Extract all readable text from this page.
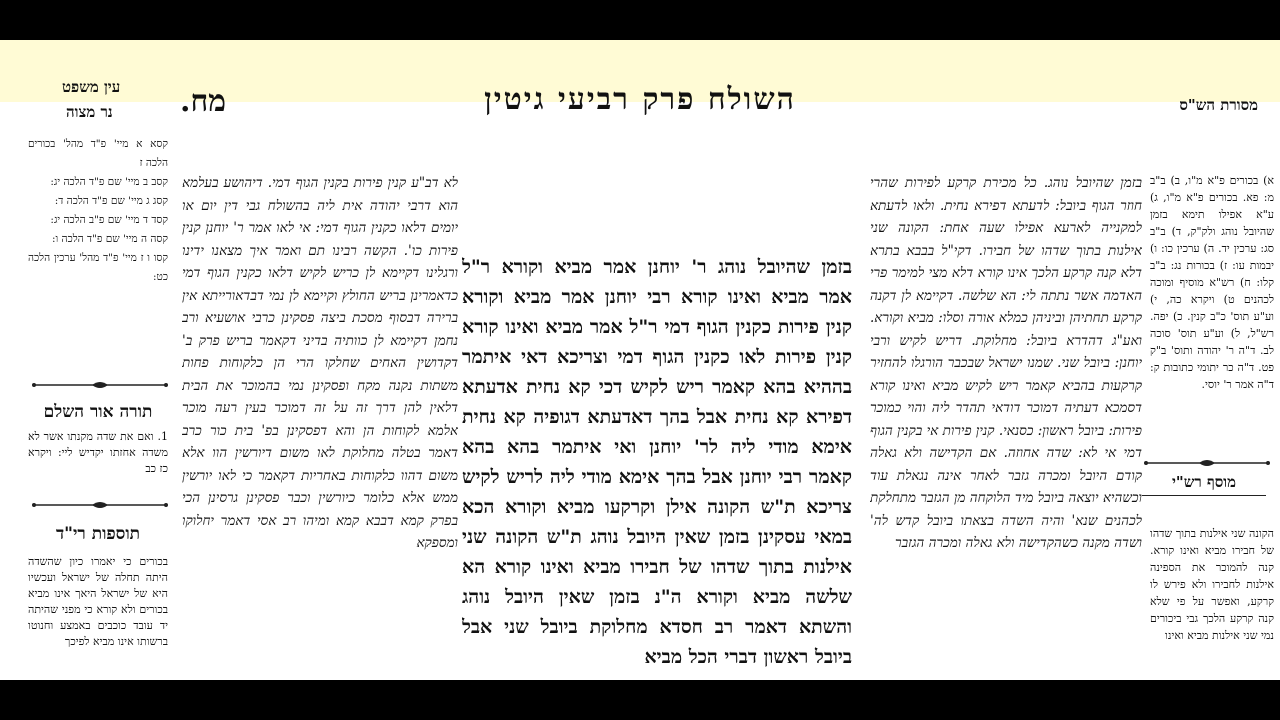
השולח פרק רביעי גיטין
מח.	מסורת הש"ס
עין משפט
נר מצוה
בזמן שהיובל נוהג ר' יוחנן אמר מביא וקורא ר"ל אמר מביא ואינו קורא רבי יוחנן אמר מביא וקורא קנין פירות כקנין הגוף דמי ר"ל אמר מביא ואינו קורא קנין פירות לאו כקנין הגוף דמי וצריכא דאי איתמר בההיא בהא קאמר ריש לקיש דכי קא נחית אדעתא דפירא קא נחית אבל בהך דאדעתא דגופיה קא נחית אימא מודי ליה לר' יוחנן ואי איתמר בהא בהא קאמר רבי יוחנן אבל בהך אימא מודי ליה לריש לקיש צריכא ת"ש הקונה אילן וקרקעו מביא וקורא הכא במאי עסקינן בזמן שאין היובל נוהג ת"ש הקונה שני אילנות בתוך שדהו של חבירו מביא ואינו קורא הא שלשה מביא וקורא ה"נ בזמן שאין היובל נוהג והשתא דאמר רב חסדא מחלוקת ביובל שני אבל ביובל ראשון דברי הכל מביא
בזמן שהיובל נוהג. כל מכירת קרקע לפירות שהרי חוזר הגוף ביובל: לדעתא דפירא נחית. ולאו לדעתא למקנייה לארעא אפילו שעה אחת: הקונה שני אילנות בתוך שדהו של חבירו. דקי"ל בבבא בתרא דלא קנה קרקע הלכך אינו קורא דלא מצי למימר פרי האדמה אשר נתתה לי: הא שלשה. דקיימא לן דקנה קרקע תחתיהן וביניהן כמלא אורה וסלו: מביא וקורא. ואע"ג דהדרא ביובל: מחלוקת. דריש לקיש ורבי יוחנן: ביובל שני. שמנו ישראל שבכבר הורגלו להחזיר קרקעות בהביא קאמר ריש לקיש מביא ואינו קורא דסמכא דעתיה דמוכר דודאי תהדר ליה והוי כמוכר פירות: ביובל ראשון: כסנאי. קנין פירות אי בקנין הגוף דמי אי לא: שדה אחוזה. אם הקדישה ולא גאלה קודם היובל ומכרה גזבר לאחר אינה נגאלת עוד וכשהיא יוצאה ביובל מיד הלוקחה מן הגזבר מתחלקת לכהנים שנא' והיה השדה בצאתו ביובל קדש לה' ושדה מקנה כשהקדישה ולא גאלה ומכרה הגזבר
לא דב"ע קנין פירות בקנין הגוף דמי. דיהושע בעלמא הוא דרבי יהודה אית ליה בהשולח גבי דין יום או יומים דלאו כקנין הגוף דמי: אי לאו אמר ר' יוחנן קנין פירות כו'. הקשה רבינו תם ואמר איך מצאנו ידינו ורגלינו דקיימא לן כריש לקיש דלאו כקנין הגוף דמי כדאמרינן בריש החולץ וקיימא לן נמי דבדאורייתא אין ברירה דבסוף מסכת ביצה פסקינן כרבי אושעיא ורב נחמן דקיימא לן כוותיה בדיני דקאמר בריש פרק ב' דקדושין האחים שחלקו הרי הן כלקוחות פחות משתות נקנה מקח ופסקינן נמי בהמוכר את הבית דלאין להן דרך זה על זה דמוכר בעין רעה מוכר אלמא לקוחות הן והא דפסקינן בפ' בית כור כרב דאמר בטלה מחלוקת לאו משום דיורשין הוו אלא משום דהוו כלקוחות באחריות דקאמר כי לאו יורשין ממש אלא כלומר כיורשין וכבר פסקינן גרסינן הכי בפרק קמא דבבא קמא ומיהו רב אסי דאמר יחלוקו ומספקא
א) בכורים פ"א מ"ו, ב) ב"ב מ: פא. בכורים פ"א מ"ו, ג) ע"א אפילו תימא בזמן שהיובל נוהג ולק"ק, ד) ב"ב סג: ערכין יד. ה) ערכין כו: ו) יבמות עו: ז) בכורות נג: ב"ב קלו: ח) רש"א מוסיף ומוכה לכהנים ט) ויקרא כה, י) וע"ע תוס' כ"ב קנין. כ) יפה. רש"ל, ל) וע"ע תוס' סוכה לב. ד"ה ר' יהודה ותוס' ב"ק פט. ד"ה כר יתומי כתובות ק: ד"ה אמר ר' יוסי.
מוסף רש"י
הקונה שני אילנות בתוך שדהו של חבירו מביא ואינו קורא. קנה להמוכר את הספינה אילנות לחבירו ולא פירש לו קרקע, ואפשר על פי שלא קנה קרקע הלכך גבי ביכורים נמי שני אילנות מביא ואינו
קסא א מיי' פ"ד מהל' בכורים הלכה ז
קסב ב מיי' שם פ"ד הלכה יג:
קסג ג מיי' שם פ"ד הלכה ד:
קסד ד מיי' שם פ"ב הלכה יג:
קסה ה מיי' שם פ"ד הלכה ו:
קסו ו ז מיי' פ"ד מהל' ערכין הלכה כט:
תורה אור השלם
1. ואם את שדה מקנתו אשר לא משדה אחזתו יקדיש ליי: ויקרא כז כב
תוספות רי"ד
בכורים כי יאמרו כיון שהשדה היתה תחלה של ישראל ועכשיו היא של ישראל היאך אינו מביא בכורים ולא קורא כי מפני שהיתה יד עובד כוכבים באמצע וחנוטו ברשותו אינו מביא לפיכך
